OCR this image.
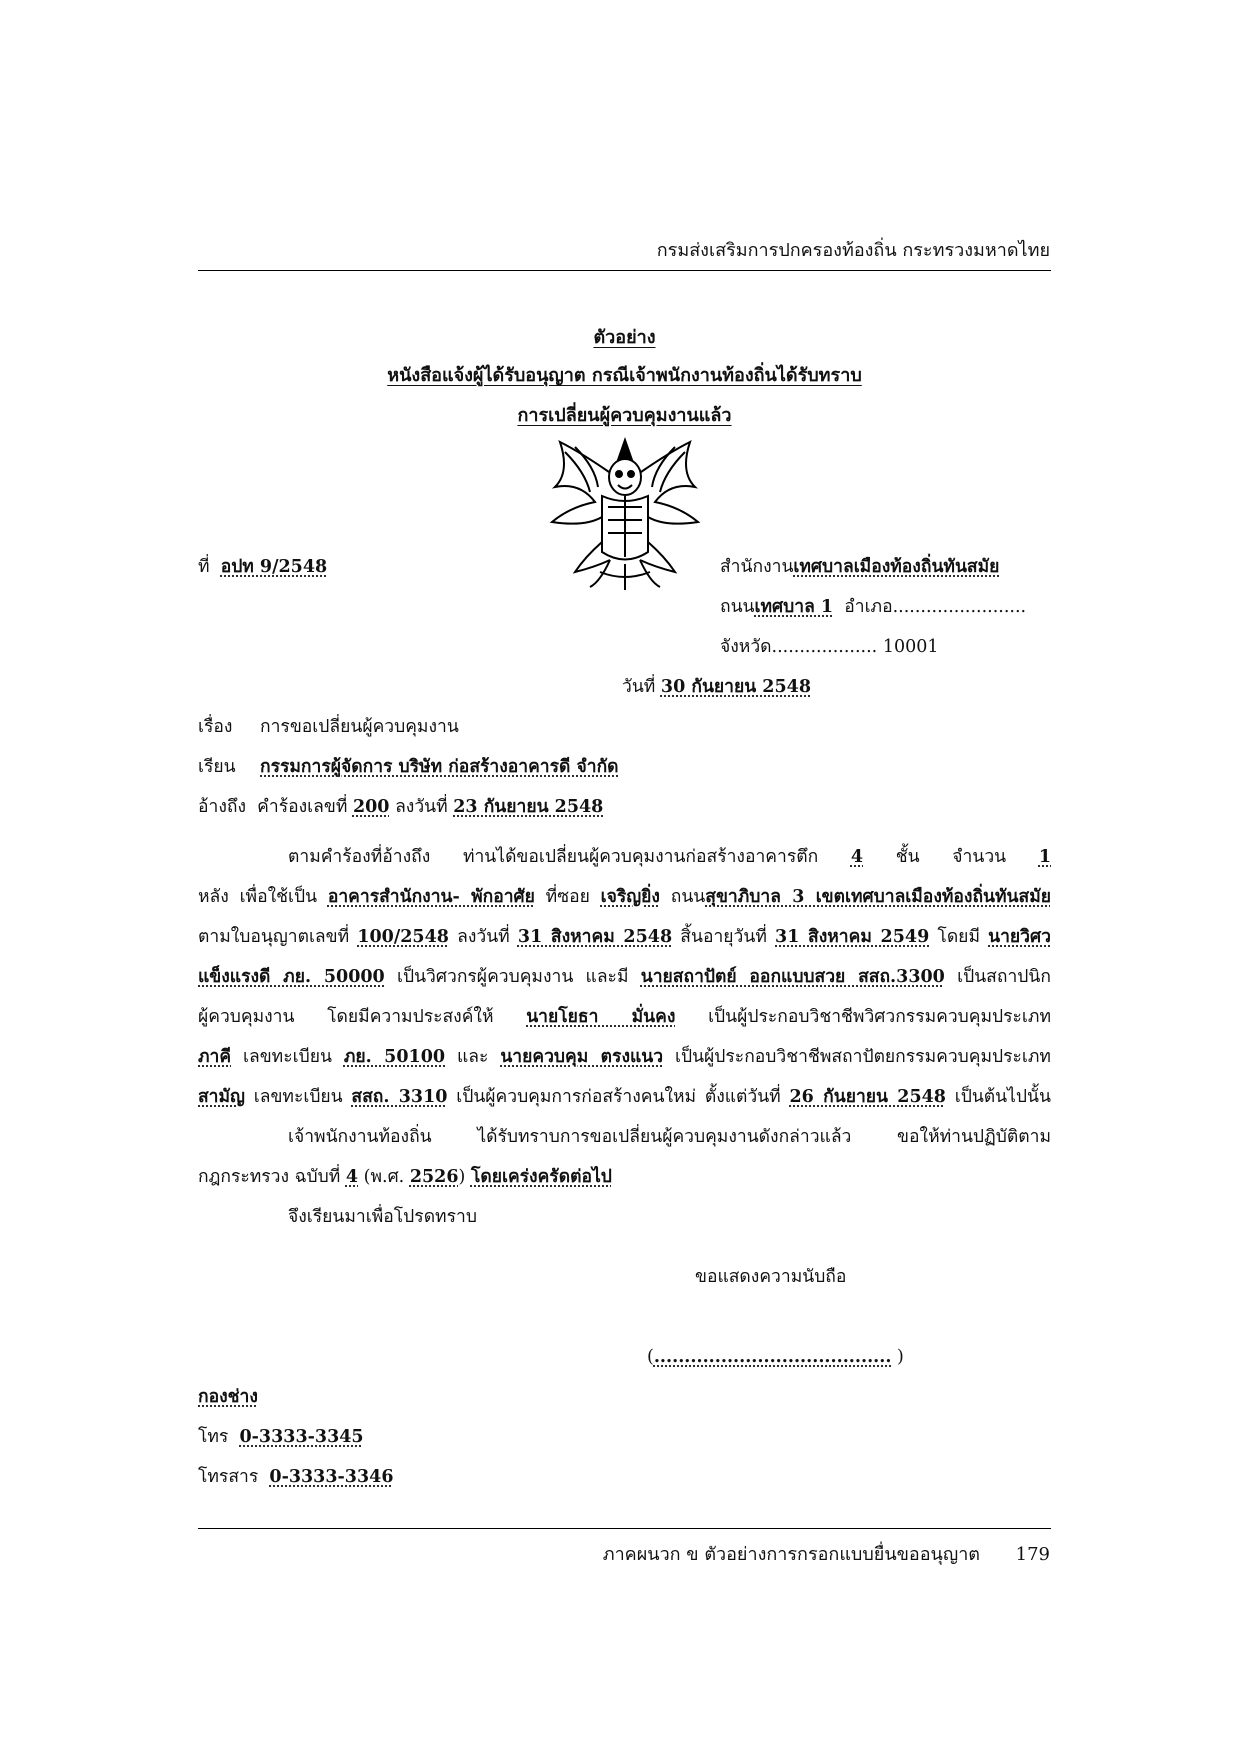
กรมส่งเสริมการปกครองท้องถิ่น กระทรวงมหาดไทย
ตัวอย่าง
หนังสือแจ้งผู้ได้รับอนุญาต กรณีเจ้าพนักงานท้องถิ่นได้รับทราบ
การเปลี่ยนผู้ควบคุมงานแล้ว
ที่ อปท 9/2548	สำนักงานเทศบาลเมืองท้องถิ่นทันสมัย
ถนนเทศบาล 1 อำเภอ........................
จังหวัด................... 10001
วันที่ 30 กันยายน 2548
เรื่อง การขอเปลี่ยนผู้ควบคุมงาน
เรียน กรรมการผู้จัดการ บริษัท ก่อสร้างอาคารดี จำกัด
อ้างถึง คำร้องเลขที่ 200 ลงวันที่ 23 กันยายน 2548
ตามคำร้องที่อ้างถึง ท่านได้ขอเปลี่ยนผู้ควบคุมงานก่อสร้างอาคารตึก 4 ชั้น จำนวน 1
หลัง เพื่อใช้เป็น อาคารสำนักงาน- พักอาศัย ที่ซอย เจริญยิ่ง ถนนสุขาภิบาล 3 เขตเทศบาลเมืองท้องถิ่นทันสมัย
ตามใบอนุญาตเลขที่ 100/2548 ลงวันที่ 31 สิงหาคม 2548 สิ้นอายุวันที่ 31 สิงหาคม 2549 โดยมี นายวิศว
แข็งแรงดี ภย. 50000 เป็นวิศวกรผู้ควบคุมงาน และมี นายสถาปัตย์ ออกแบบสวย สสถ.3300 เป็นสถาปนิก
ผู้ควบคุมงาน โดยมีความประสงค์ให้ นายโยธา มั่นคง เป็นผู้ประกอบวิชาชีพวิศวกรรมควบคุมประเภท
ภาคี เลขทะเบียน ภย. 50100 และ นายควบคุม ตรงแนว เป็นผู้ประกอบวิชาชีพสถาปัตยกรรมควบคุมประเภท
สามัญ เลขทะเบียน สสถ. 3310 เป็นผู้ควบคุมการก่อสร้างคนใหม่ ตั้งแต่วันที่ 26 กันยายน 2548 เป็นต้นไปนั้น
เจ้าพนักงานท้องถิ่น ได้รับทราบการขอเปลี่ยนผู้ควบคุมงานดังกล่าวแล้ว ขอให้ท่านปฏิบัติตาม
กฎกระทรวง ฉบับที่ 4 (พ.ศ. 2526) โดยเคร่งครัดต่อไป
จึงเรียนมาเพื่อโปรดทราบ
ขอแสดงความนับถือ
(....................................... )
กองช่าง
โทร 0-3333-3345
โทรสาร 0-3333-3346
ภาคผนวก ข ตัวอย่างการกรอกแบบยื่นขออนุญาต 179
